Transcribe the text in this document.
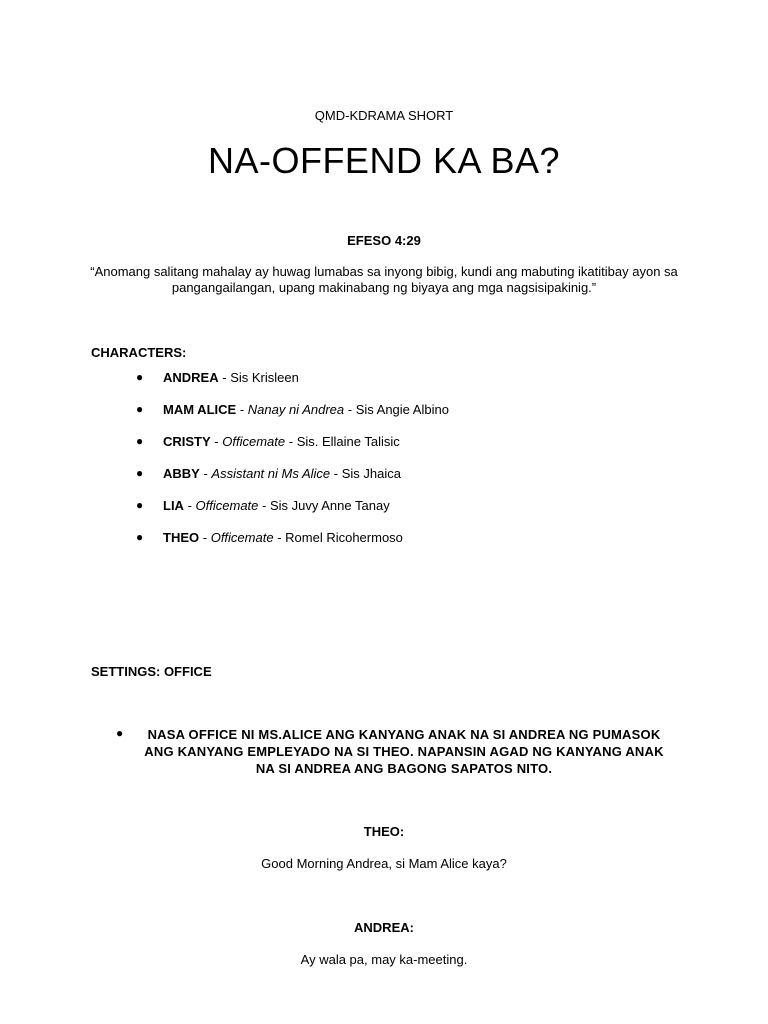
QMD-KDRAMA SHORT
NA-OFFEND KA BA?
EFESO 4:29
“Anomang salitang mahalay ay huwag lumabas sa inyong bibig, kundi ang mabuting ikatitibay ayon sa pangangailangan, upang makinabang ng biyaya ang mga nagsisipakinig.”
CHARACTERS:
● ANDREA - Sis Krisleen
● MAM ALICE - Nanay ni Andrea - Sis Angie Albino
● CRISTY - Officemate - Sis. Ellaine Talisic
● ABBY - Assistant ni Ms Alice - Sis Jhaica
● LIA - Officemate - Sis Juvy Anne Tanay
● THEO - Officemate - Romel Ricohermoso
SETTINGS: OFFICE
●	NASA OFFICE NI MS.ALICE ANG KANYANG ANAK NA SI ANDREA NG PUMASOK ANG KANYANG EMPLEYADO NA SI THEO. NAPANSIN AGAD NG KANYANG ANAK NA SI ANDREA ANG BAGONG SAPATOS NITO.
THEO:
Good Morning Andrea, si Mam Alice kaya?
ANDREA:
Ay wala pa, may ka-meeting.
